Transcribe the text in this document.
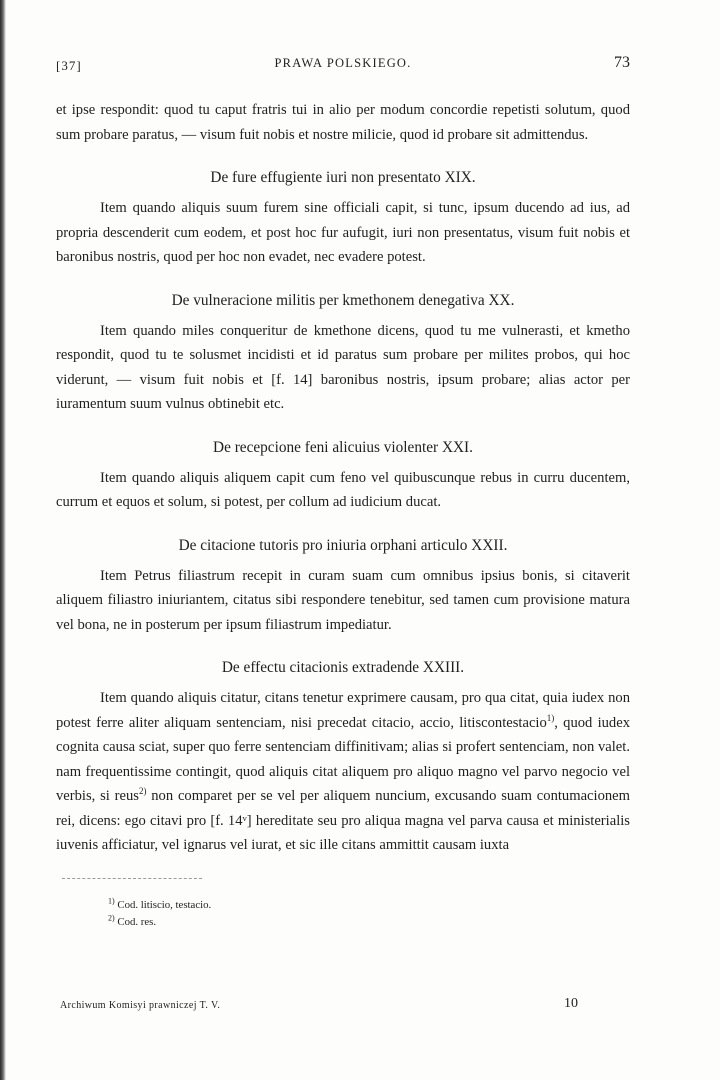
[37]	PRAWA POLSKIEGO.	73

et ipse respondit: quod tu caput fratris tui in alio per modum concordie repetisti solutum, quod sum probare paratus, — visum fuit nobis et nostre milicie, quod id probare sit admittendus.

De fure effugiente iuri non presentato XIX.

Item quando aliquis suum furem sine officiali capit, si tunc, ipsum ducendo ad ius, ad propria descenderit cum eodem, et post hoc fur aufugit, iuri non presentatus, visum fuit nobis et baronibus nostris, quod per hoc non evadet, nec evadere potest.

De vulneracione militis per kmethonem denegativa XX.

Item quando miles conqueritur de kmethone dicens, quod tu me vulnerasti, et kmetho respondit, quod tu te solusmet incidisti et id paratus sum probare per milites probos, qui hoc viderunt, — visum fuit nobis et [f. 14] baronibus nostris, ipsum probare; alias actor per iuramentum suum vulnus obtinebit etc.

De recepcione feni alicuius violenter XXI.

Item quando aliquis aliquem capit cum feno vel quibuscunque rebus in curru ducentem, currum et equos et solum, si potest, per collum ad iudicium ducat.

De citacione tutoris pro iniuria orphani articulo XXII.

Item Petrus filiastrum recepit in curam suam cum omnibus ipsius bonis, si citaverit aliquem filiastro iniuriantem, citatus sibi respondere tenebitur, sed tamen cum provisione matura vel bona, ne in posterum per ipsum filiastrum impediatur.

De effectu citacionis extradende XXIII.

Item quando aliquis citatur, citans tenetur exprimere causam, pro qua citat, quia iudex non potest ferre aliter aliquam sentenciam, nisi precedat citacio, accio, litiscontestacio$^{1)}$, quod iudex cognita causa sciat, super quo ferre sentenciam diffinitivam; alias si profert sentenciam, non valet. nam frequentissime contingit, quod aliquis citat aliquem pro aliquo magno vel parvo negocio vel verbis, si reus$^{2)}$ non comparet per se vel per aliquem nuncium, excusando suam contumacionem rei, dicens: ego citavi pro [f. 14ᵛ] hereditate seu pro aliqua magna vel parva causa et ministerialis iuvenis afficiatur, vel ignarus vel iurat, et sic ille citans ammittit causam iuxta

$^{1)}$ Cod. litiscio, testacio.
$^{2)}$ Cod. res.
Archiwum Komisyi prawniczej T. V.	10
